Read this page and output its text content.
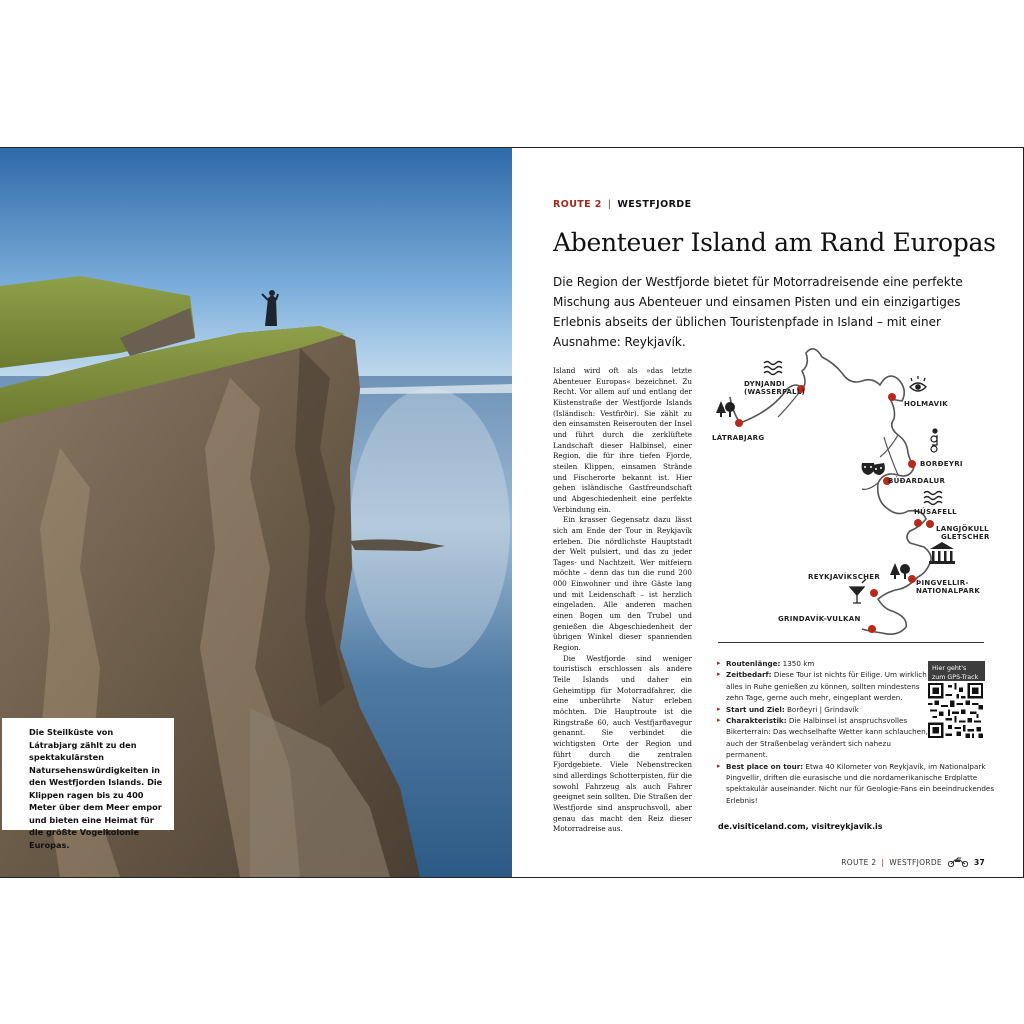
Die Steilküste von Látrabjarg zählt zu den spektakulärsten Natursehenswürdigkeiten in den Westfjorden Islands. Die Klippen ragen bis zu 400 Meter über dem Meer empor und bieten eine Heimat für die größte Vogelkolonie Europas.
ROUTE 2 | WESTFJORDE
Abenteuer Island am Rand Europas
Die Region der Westfjorde bietet für Motorradreisende eine perfekte Mischung aus Abenteuer und einsamen Pisten und ein einzigartiges Erlebnis abseits der üblichen Touristenpfade in Island – mit einer Ausnahme: Reykjavík.

Island wird oft als »das letzte Abenteuer Europas« bezeichnet. Zu Recht. Vor allem auf und entlang der Küstenstraße der Westfjorde Islands (Isländisch: Vestfirðir). Sie zählt zu den einsamsten Reiserouten der Insel und führt durch die zerklüftete Landschaft dieser Halbinsel, einer Region, die für ihre tiefen Fjorde, steilen Klippen, einsamen Strände und Fischerorte bekannt ist. Hier gehen isländische Gastfreundschaft und Abgeschiedenheit eine perfekte Verbindung ein.

Ein krasser Gegensatz dazu lässt sich am Ende der Tour in Reykjavík erleben. Die nördlichste Hauptstadt der Welt pulsiert, und das zu jeder Tages- und Nachtzeit. Wer mitfeiern möchte – denn das tun die rund 200 000 Einwohner und ihre Gäste lang und mit Leidenschaft – ist herzlich eingeladen. Alle anderen machen einen Bogen um den Trubel und genießen die Abgeschiedenheit der übrigen Winkel dieser spannenden Region.

Die Westfjorde sind weniger touristisch erschlossen als andere Teile Islands und daher ein Geheimtipp für Motorradfahrer, die eine unberührte Natur erleben möchten. Die Hauptroute ist die Ringstraße 60, auch Vestfjarðavegur genannt. Sie verbindet die wichtigsten Orte der Region und führt durch die zentralen Fjordgebiete. Viele Nebenstrecken sind allerdings Schotterpisten, für die sowohl Fahrzeug als auch Fahrer geeignet sein sollten. Die Straßen der Westfjorde sind anspruchsvoll, aber genau das macht den Reiz dieser Motorradreise aus.

DYNJANDI (WASSERFALL)
HOLMAVIK
LÁTRABJARG
BORÐEYRI
BÚÐARDALUR
HÚSAFELL
LANGJÖKULL GLETSCHER
REYKJAVÍKSCHER
ÞINGVELLIR-NATIONALPARK
GRINDAVÍK-VULKAN
▸ Routenlänge: 1350 km
▸ Zeitbedarf: Diese Tour ist nichts für Eilige. Um wirklich alles in Ruhe genießen zu können, sollten mindestens zehn Tage, gerne auch mehr, eingeplant werden.
▸ Start und Ziel: Borðeyri | Grindavík
▸ Charakteristik: Die Halbinsel ist anspruchsvolles Bikerterrain: Das wechselhafte Wetter kann schlauchen, auch der Straßenbelag verändert sich nahezu permanent.
▸ Best place on tour: Etwa 40 Kilometer von Reykjavík, im Nationalpark Þingvellir, driften die eurasische und die nordamerikanische Erdplatte spektakulär auseinander. Nicht nur für Geologie-Fans ein beeindruckendes Erlebnis!
Hier geht's
zum GPS-Track
de.visiticeland.com, visitreykjavik.is
ROUTE 2 | WESTFJORDE	37
